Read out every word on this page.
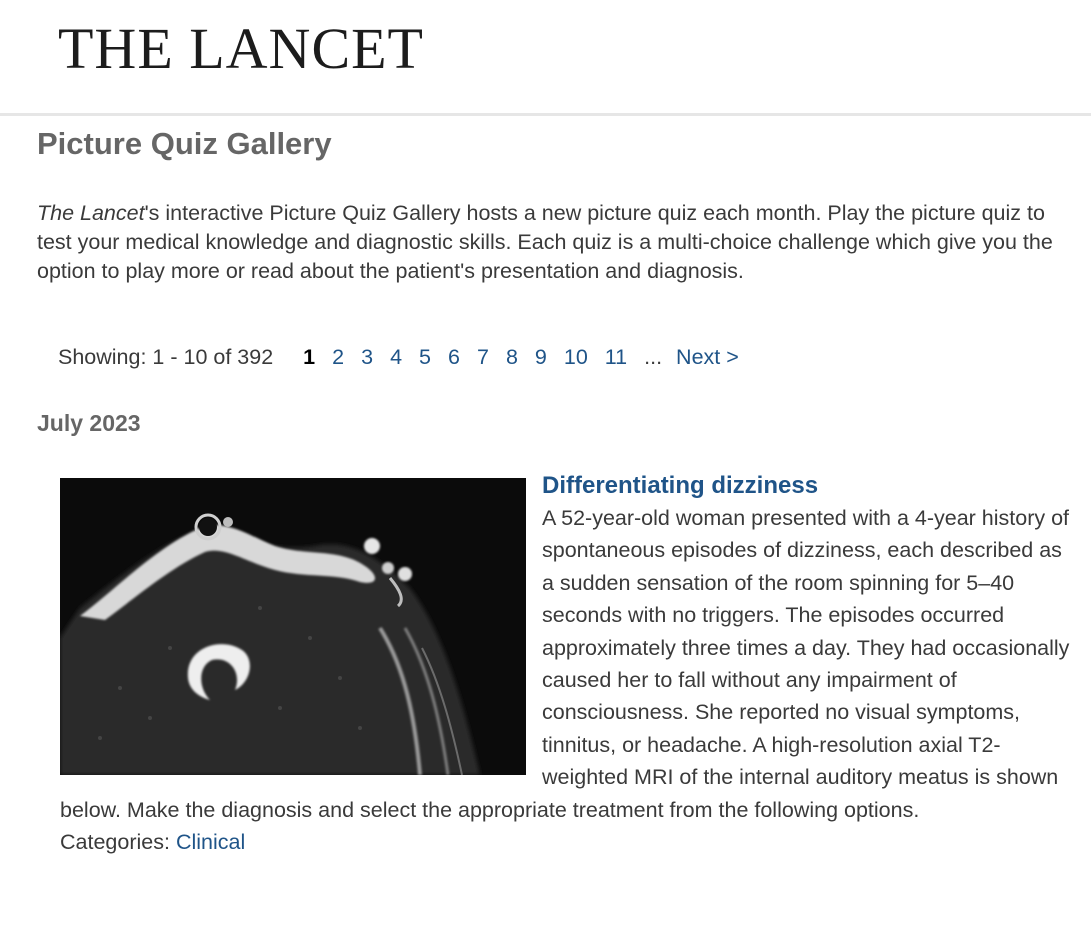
THE LANCET
Picture Quiz Gallery

The Lancet's interactive Picture Quiz Gallery hosts a new picture quiz each month. Play the picture quiz to test your medical knowledge and diagnostic skills. Each quiz is a multi-choice challenge which give you the option to play more or read about the patient's presentation and diagnosis.

Showing: 1 - 10 of 392 1 2 3 4 5 6 7 8 9 10 11 ... Next >
July 2023
Differentiating dizziness
A 52-year-old woman presented with a 4-year history of spontaneous episodes of dizziness, each described as a sudden sensation of the room spinning for 5–40 seconds with no triggers. The episodes occurred approximately three times a day. They had occasionally caused her to fall without any impairment of consciousness. She reported no visual symptoms, tinnitus, or headache. A high-resolution axial T2-weighted MRI of the internal auditory meatus is shown below. Make the diagnosis and select the appropriate treatment from the following options.
Categories: Clinical
